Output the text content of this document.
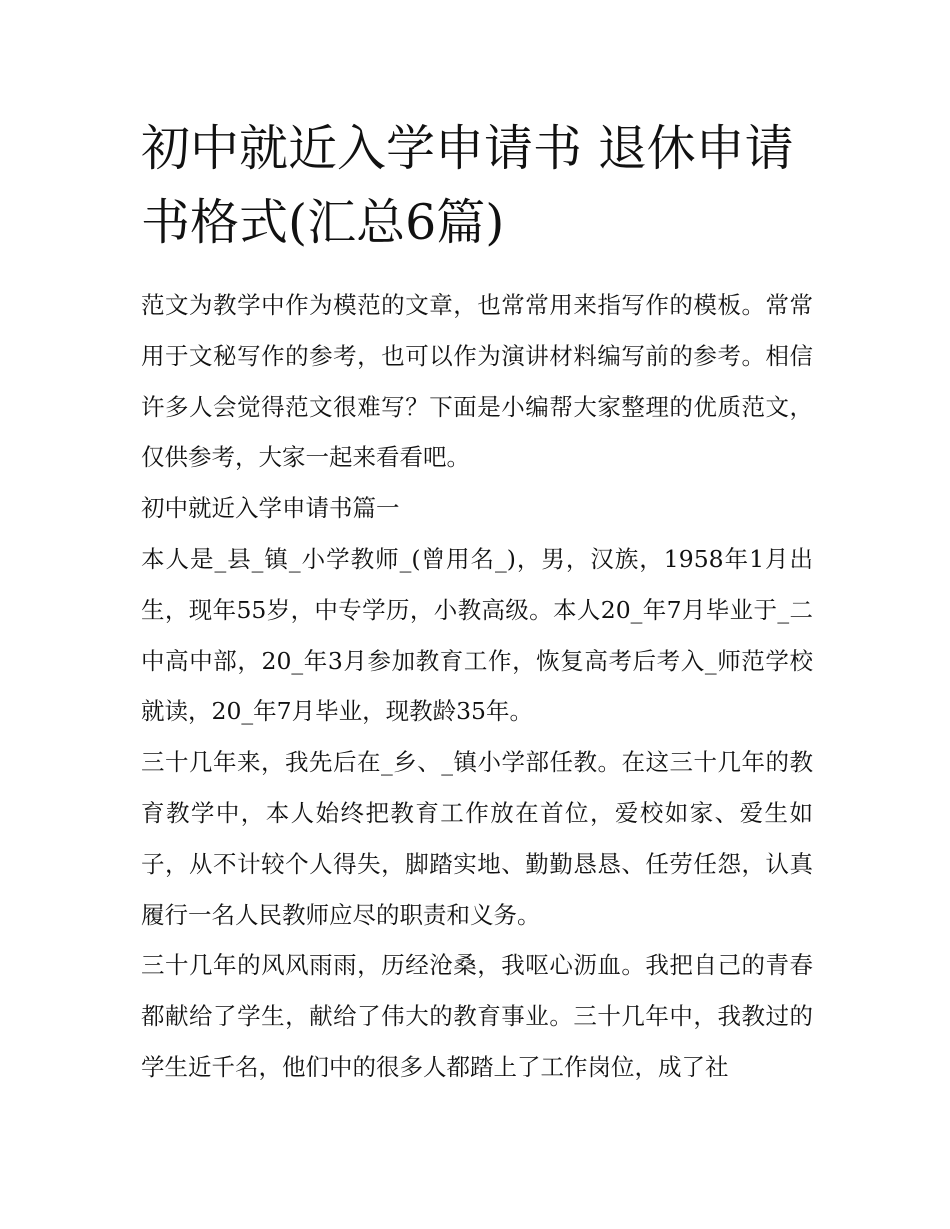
初中就近入学申请书 退休申请书格式(汇总6篇)

范文为教学中作为模范的文章，也常常用来指写作的模板。常常用于文秘写作的参考，也可以作为演讲材料编写前的参考。相信许多人会觉得范文很难写？下面是小编帮大家整理的优质范文，仅供参考，大家一起来看看吧。

初中就近入学申请书篇一

本人是_县_镇_小学教师_(曾用名_)，男，汉族，1958年1月出生，现年55岁，中专学历，小教高级。本人20_年7月毕业于_二中高中部，20_年3月参加教育工作，恢复高考后考入_师范学校就读，20_年7月毕业，现教龄35年。

三十几年来，我先后在_乡、_镇小学部任教。在这三十几年的教育教学中，本人始终把教育工作放在首位，爱校如家、爱生如子，从不计较个人得失，脚踏实地、勤勤恳恳、任劳任怨，认真履行一名人民教师应尽的职责和义务。

三十几年的风风雨雨，历经沧桑，我呕心沥血。我把自己的青春都献给了学生，献给了伟大的教育事业。三十几年中，我教过的学生近千名，他们中的很多人都踏上了工作岗位，成了社
